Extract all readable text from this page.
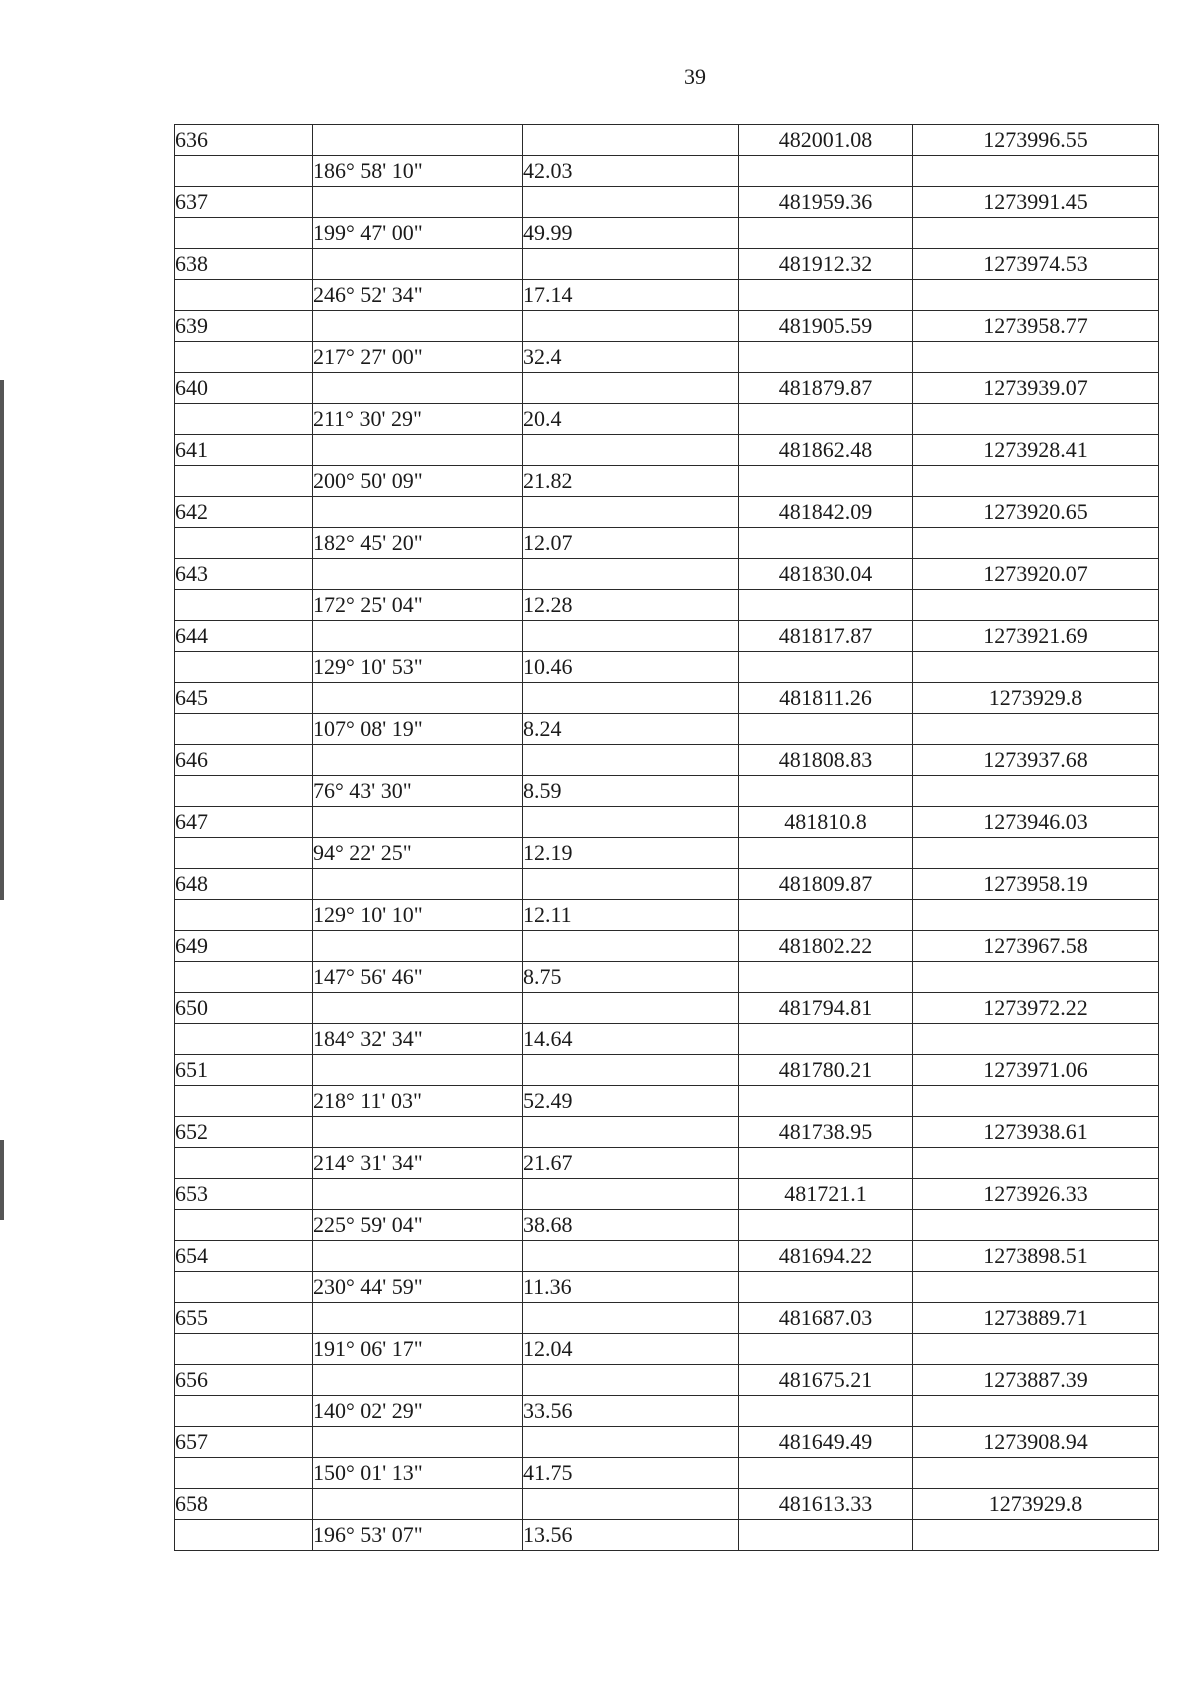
39
636			482001.08	1273996.55
	186° 58' 10"	42.03		
637			481959.36	1273991.45
	199° 47' 00"	49.99		
638			481912.32	1273974.53
	246° 52' 34"	17.14		
639			481905.59	1273958.77
	217° 27' 00"	32.4		
640			481879.87	1273939.07
	211° 30' 29"	20.4		
641			481862.48	1273928.41
	200° 50' 09"	21.82		
642			481842.09	1273920.65
	182° 45' 20"	12.07		
643			481830.04	1273920.07
	172° 25' 04"	12.28		
644			481817.87	1273921.69
	129° 10' 53"	10.46		
645			481811.26	1273929.8
	107° 08' 19"	8.24		
646			481808.83	1273937.68
	76° 43' 30"	8.59		
647			481810.8	1273946.03
	94° 22' 25"	12.19		
648			481809.87	1273958.19
	129° 10' 10"	12.11		
649			481802.22	1273967.58
	147° 56' 46"	8.75		
650			481794.81	1273972.22
	184° 32' 34"	14.64		
651			481780.21	1273971.06
	218° 11' 03"	52.49		
652			481738.95	1273938.61
	214° 31' 34"	21.67		
653			481721.1	1273926.33
	225° 59' 04"	38.68		
654			481694.22	1273898.51
	230° 44' 59"	11.36		
655			481687.03	1273889.71
	191° 06' 17"	12.04		
656			481675.21	1273887.39
	140° 02' 29"	33.56		
657			481649.49	1273908.94
	150° 01' 13"	41.75		
658			481613.33	1273929.8
	196° 53' 07"	13.56		
